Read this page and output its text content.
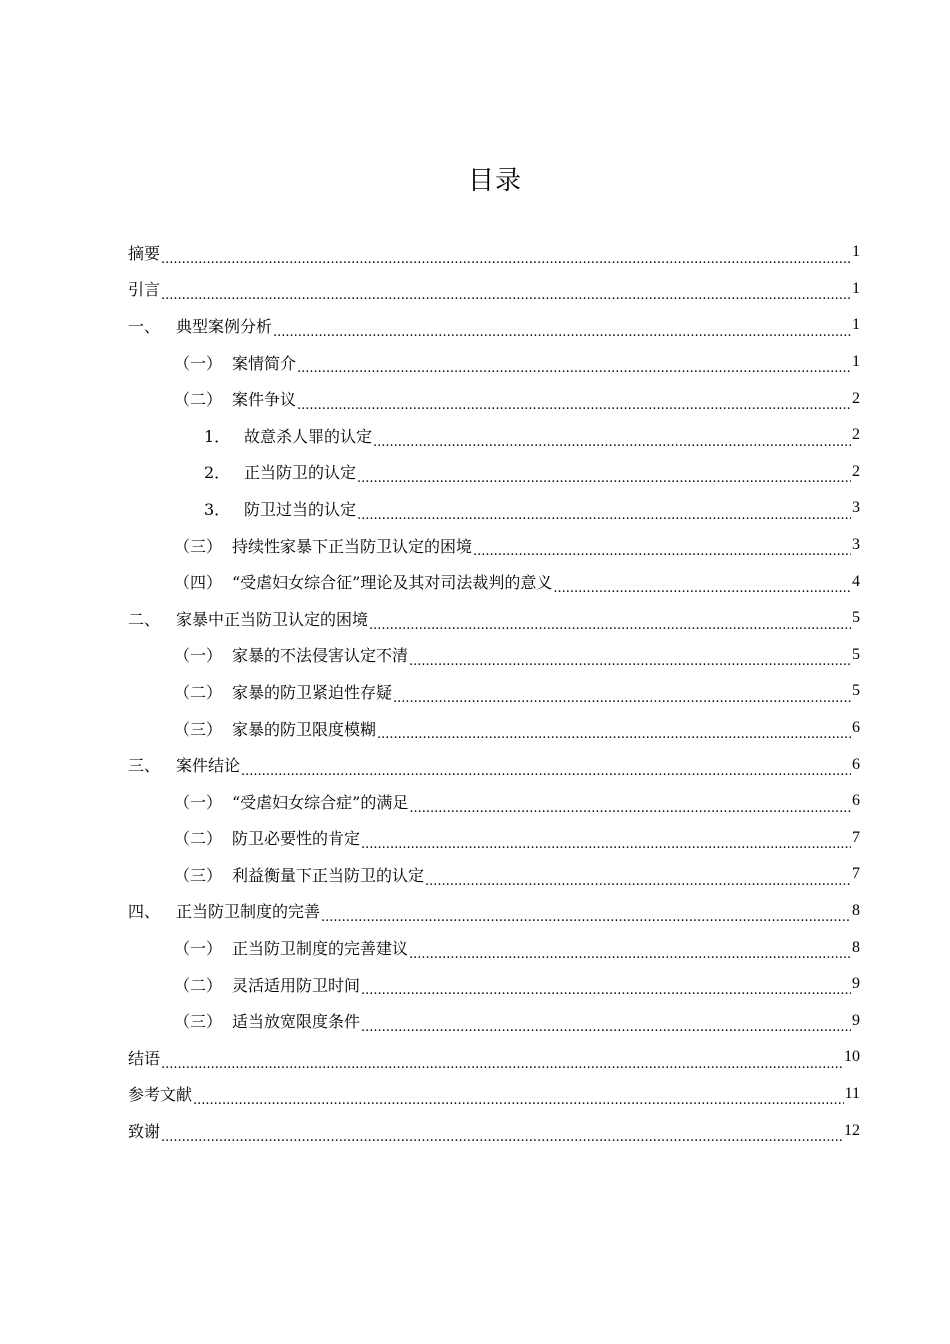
目录
摘要 .....	1
引言 .....	1
一、 典型案例分析 .....	1
（一） 案情简介 .....	1
（二） 案件争议 .....	2
1． 故意杀人罪的认定 .....	2
2． 正当防卫的认定 .....	2
3． 防卫过当的认定 .....	3
（三） 持续性家暴下正当防卫认定的困境 .....	3
（四） “受虐妇女综合征”理论及其对司法裁判的意义 .....	4
二、 家暴中正当防卫认定的困境 .....	5
（一） 家暴的不法侵害认定不清 .....	5
（二） 家暴的防卫紧迫性存疑 .....	5
（三） 家暴的防卫限度模糊 .....	6
三、 案件结论 .....	6
（一） “受虐妇女综合症”的满足 .....	6
（二） 防卫必要性的肯定 .....	7
（三） 利益衡量下正当防卫的认定 .....	7
四、 正当防卫制度的完善 .....	8
（一） 正当防卫制度的完善建议 .....	8
（二） 灵活适用防卫时间 .....	9
（三） 适当放宽限度条件 .....	9
结语 .....	10
参考文献 .....	11
致谢 .....	12
